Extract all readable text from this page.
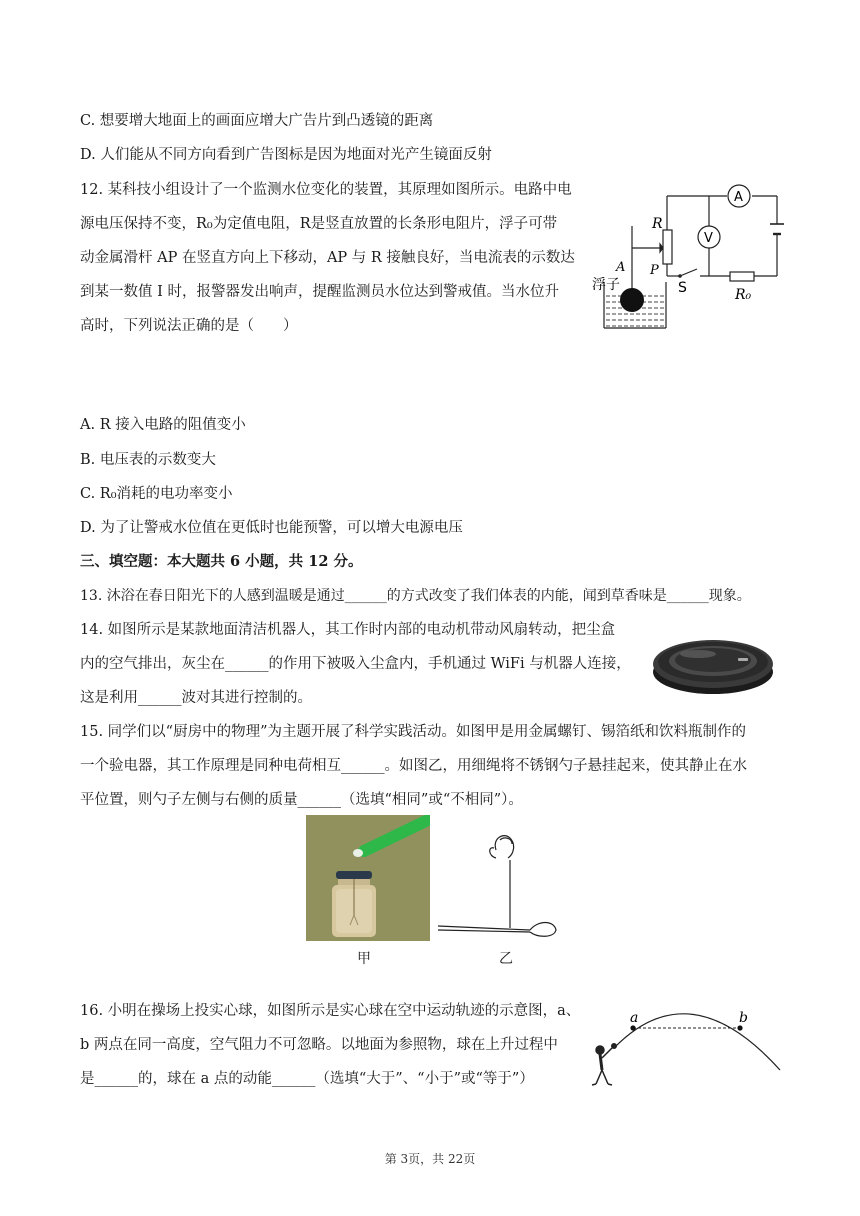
C. 想要增大地面上的画面应增大广告片到凸透镜的距离
D. 人们能从不同方向看到广告图标是因为地面对光产生镜面反射
12. 某科技小组设计了一个监测水位变化的装置，其原理如图所示。电路中电
源电压保持不变，R₀为定值电阻，R是竖直放置的长条形电阻片，浮子可带
动金属滑杆 AP 在竖直方向上下移动，AP 与 R 接触良好，当电流表的示数达
到某一数值 I 时，报警器发出响声，提醒监测员水位达到警戒值。当水位升
高时，下列说法正确的是（　　）
A
V
R
P
A
浮子	S	R₀
A. R 接入电路的阻值变小
B. 电压表的示数变大
C. R₀消耗的电功率变小
D. 为了让警戒水位值在更低时也能预警，可以增大电源电压
三、填空题：本大题共 6 小题，共 12 分。
13. 沐浴在春日阳光下的人感到温暖是通过______的方式改变了我们体表的内能，闻到草香味是______现象。
14. 如图所示是某款地面清洁机器人，其工作时内部的电动机带动风扇转动，把尘盒
内的空气排出，灰尘在______的作用下被吸入尘盒内，手机通过 WiFi 与机器人连接，
这是利用______波对其进行控制的。
15. 同学们以“厨房中的物理”为主题开展了科学实践活动。如图甲是用金属螺钉、锡箔纸和饮料瓶制作的
一个验电器，其工作原理是同种电荷相互______。如图乙，用细绳将不锈钢勺子悬挂起来，使其静止在水
平位置，则勺子左侧与右侧的质量______（选填“相同”或“不相同”）。
甲	乙
16. 小明在操场上投实心球，如图所示是实心球在空中运动轨迹的示意图，a、
b 两点在同一高度，空气阻力不可忽略。以地面为参照物，球在上升过程中
是______的，球在 a 点的动能______（选填“大于”、“小于”或“等于”）
a	b
第 3页，共 22页
